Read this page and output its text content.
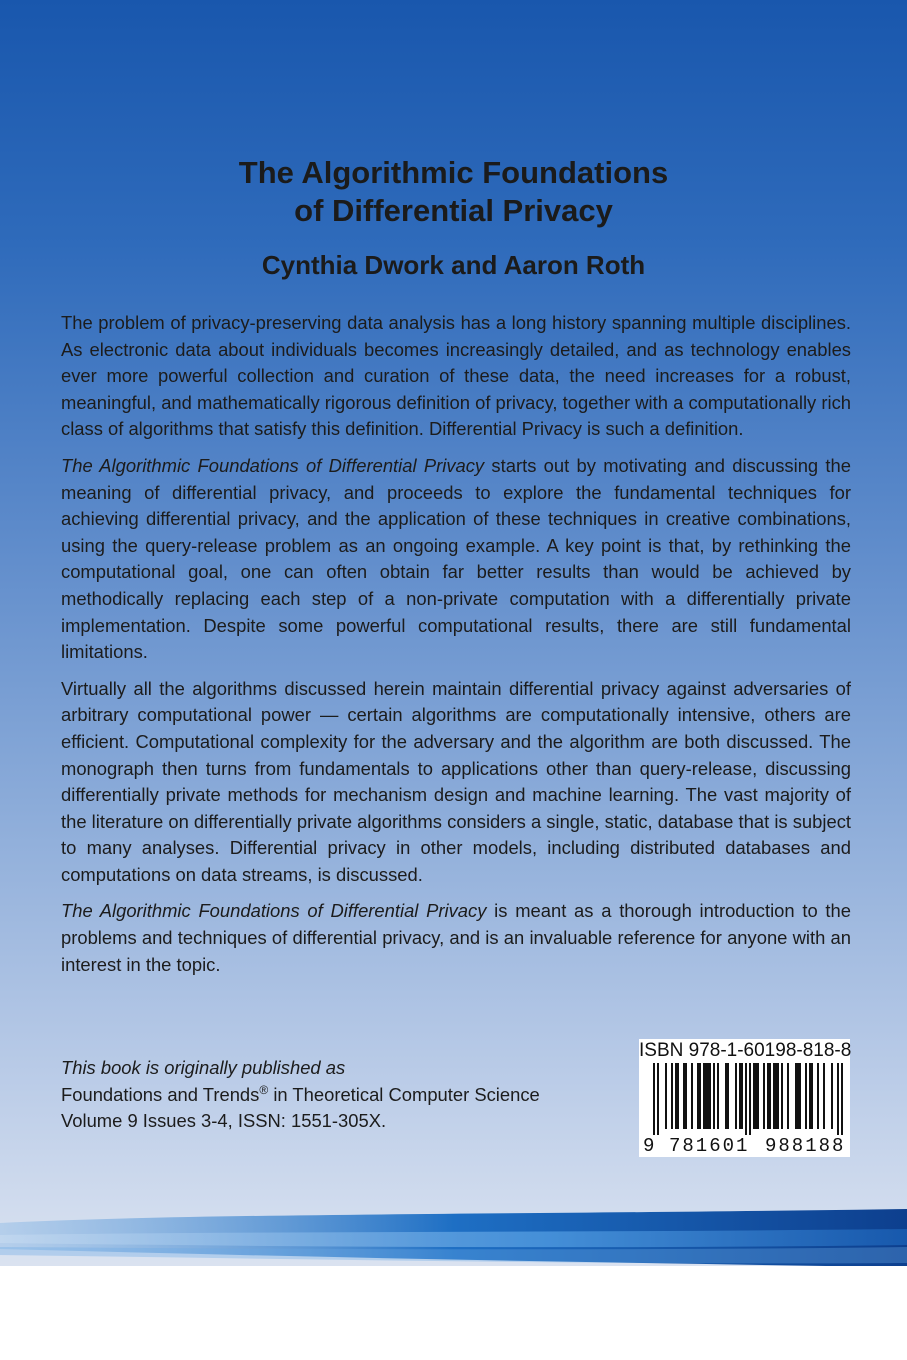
The Algorithmic Foundations
of Differential Privacy
Cynthia Dwork and Aaron Roth

The problem of privacy-preserving data analysis has a long history spanning multiple disciplines. As electronic data about individuals becomes increasingly detailed, and as technology enables ever more powerful collection and curation of these data, the need increases for a robust, meaningful, and mathematically rigorous definition of privacy, together with a computationally rich class of algorithms that satisfy this definition. Differential Privacy is such a definition.

The Algorithmic Foundations of Differential Privacy starts out by motivating and discussing the meaning of differential privacy, and proceeds to explore the fundamental techniques for achieving differential privacy, and the application of these techniques in creative combinations, using the query-release problem as an ongoing example. A key point is that, by rethinking the computational goal, one can often obtain far better results than would be achieved by methodically replacing each step of a non-private computation with a differentially private implementation. Despite some powerful computational results, there are still fundamental limitations.

Virtually all the algorithms discussed herein maintain differential privacy against adversaries of arbitrary computational power — certain algorithms are computationally intensive, others are efficient. Computational complexity for the adversary and the algorithm are both discussed. The monograph then turns from fundamentals to applications other than query-release, discussing differentially private methods for mechanism design and machine learning. The vast majority of the literature on differentially private algorithms considers a single, static, database that is subject to many analyses. Differential privacy in other models, including distributed databases and computations on data streams, is discussed.

The Algorithmic Foundations of Differential Privacy is meant as a thorough introduction to the problems and techniques of differential privacy, and is an invaluable reference for anyone with an interest in the topic.

This book is originally published as
Foundations and Trends® in Theoretical Computer Science
Volume 9 Issues 3-4, ISSN: 1551-305X.
ISBN 978-1-60198-818-8
9 781601 988188
